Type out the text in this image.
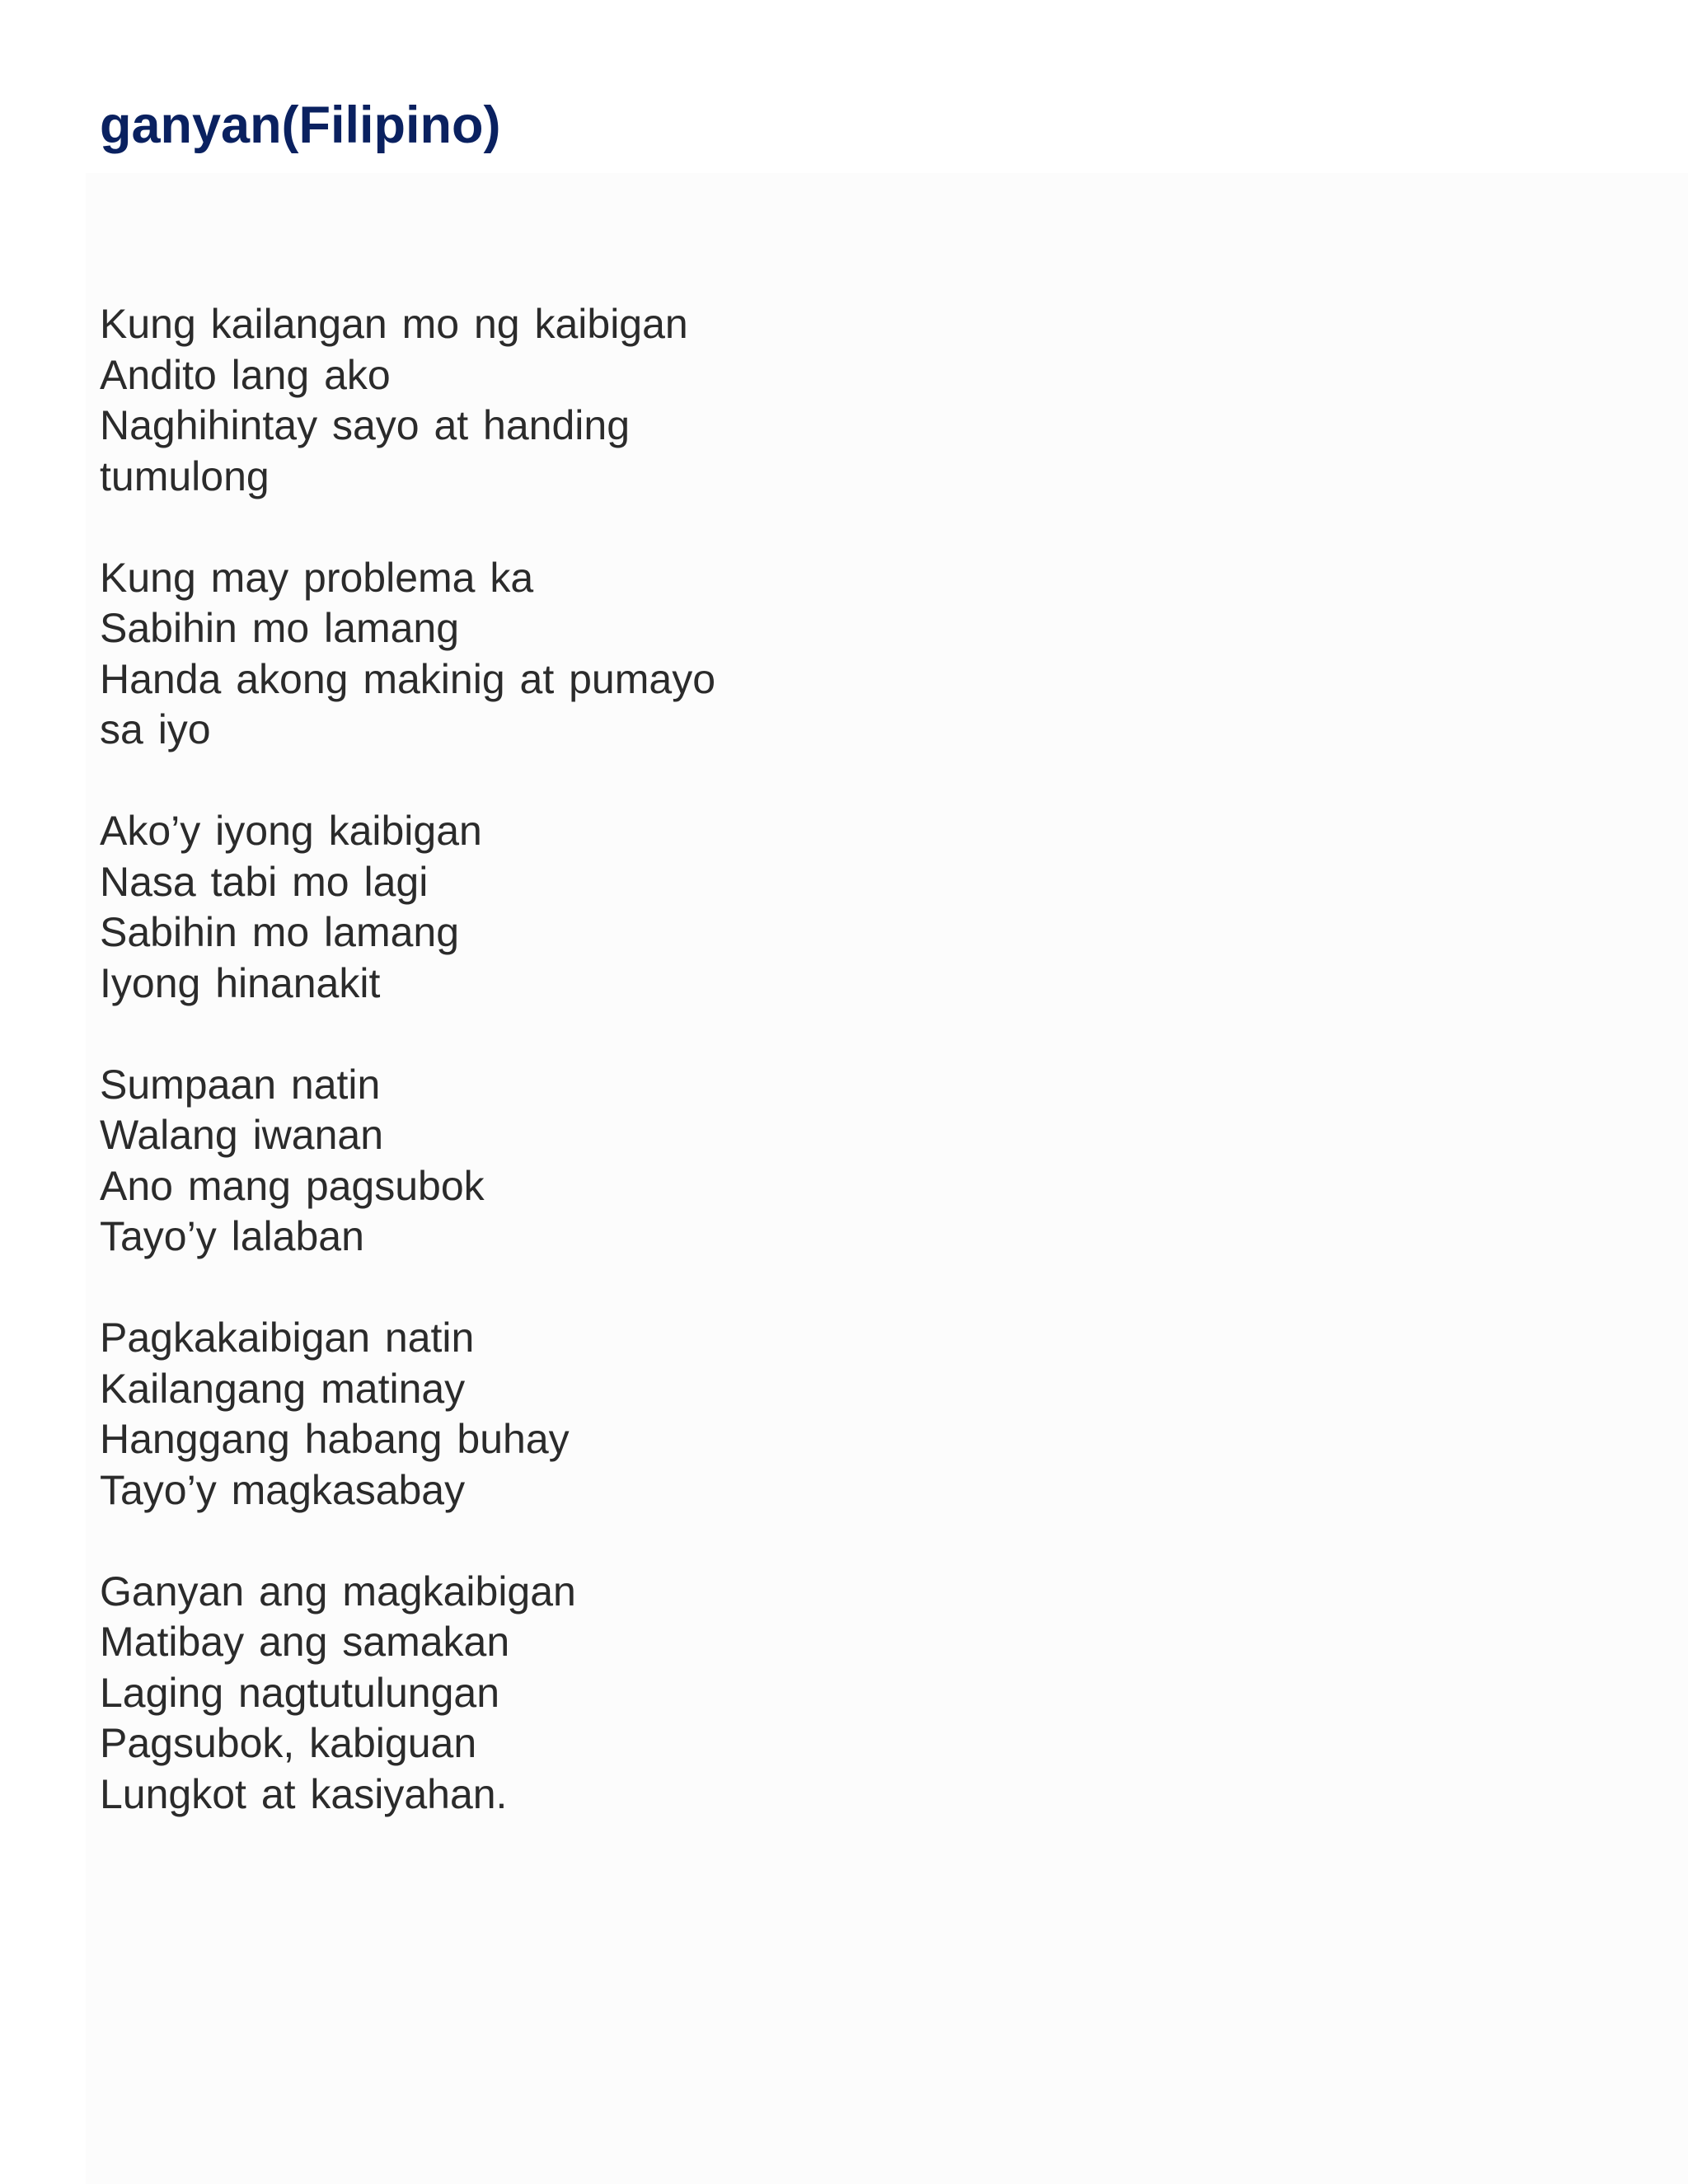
ganyan(Filipino)
Kung kailangan mo ng kaibigan
Andito lang ako
Naghihintay sayo at handing
tumulong
Kung may problema ka
Sabihin mo lamang
Handa akong makinig at pumayo
sa iyo
Ako’y iyong kaibigan
Nasa tabi mo lagi
Sabihin mo lamang
Iyong hinanakit
Sumpaan natin
Walang iwanan
Ano mang pagsubok
Tayo’y lalaban
Pagkakaibigan natin
Kailangang matinay
Hanggang habang buhay
Tayo’y magkasabay
Ganyan ang magkaibigan
Matibay ang samakan
Laging nagtutulungan
Pagsubok, kabiguan
Lungkot at kasiyahan.
